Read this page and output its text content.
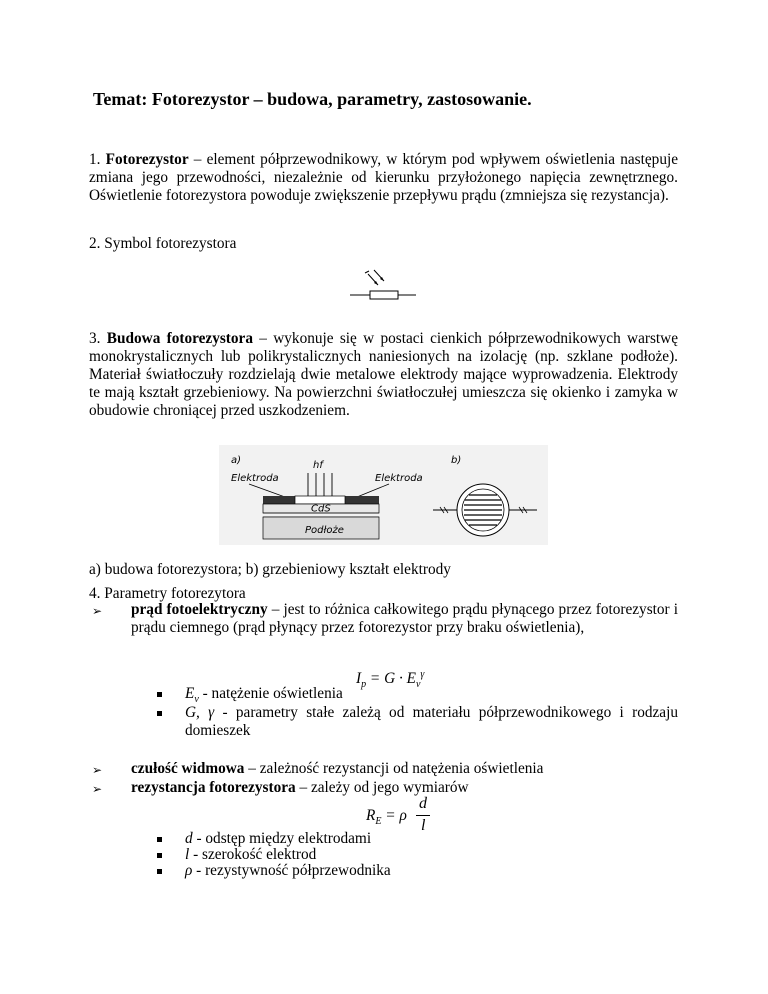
Temat: Fotorezystor – budowa, parametry, zastosowanie.
1. Fotorezystor – element półprzewodnikowy, w którym pod wpływem oświetlenia następuje zmiana jego przewodności, niezależnie od kierunku przyłożonego napięcia zewnętrznego. Oświetlenie fotorezystora powoduje zwiększenie przepływu prądu (zmniejsza się rezystancja).
2. Symbol fotorezystora
3. Budowa fotorezystora – wykonuje się w postaci cienkich półprzewodnikowych warstwę monokrystalicznych lub polikrystalicznych naniesionych na izolację (np. szklane podłoże). Materiał światłoczuły rozdzielają dwie metalowe elektrody mające wyprowadzenia. Elektrody te mają kształt grzebieniowy. Na powierzchni światłoczułej umieszcza się okienko i zamyka w obudowie chroniącej przed uszkodzeniem.
a)	hf
Elektroda	Elektroda
CdS
Podłoże
b)
a) budowa fotorezystora; b) grzebieniowy kształt elektrody
4. Parametry fotorezytora
➢ prąd fotoelektryczny – jest to różnica całkowitego prądu płynącego przez fotorezystor i prądu ciemnego (prąd płynący przez fotorezystor przy braku oświetlenia),
$I_p = G \cdot E_v^\gamma$
$E_v$ - natężenie oświetlenia
G, γ - parametry stałe zależą od materiału półprzewodnikowego i rodzaju domieszek
➢ czułość widmowa – zależność rezystancji od natężenia oświetlenia
➢ rezystancja fotorezystora – zależy od jego wymiarów
$R_E = \rho$
d
l
d - odstęp między elektrodami
l - szerokość elektrod
ρ - rezystywność półprzewodnika
